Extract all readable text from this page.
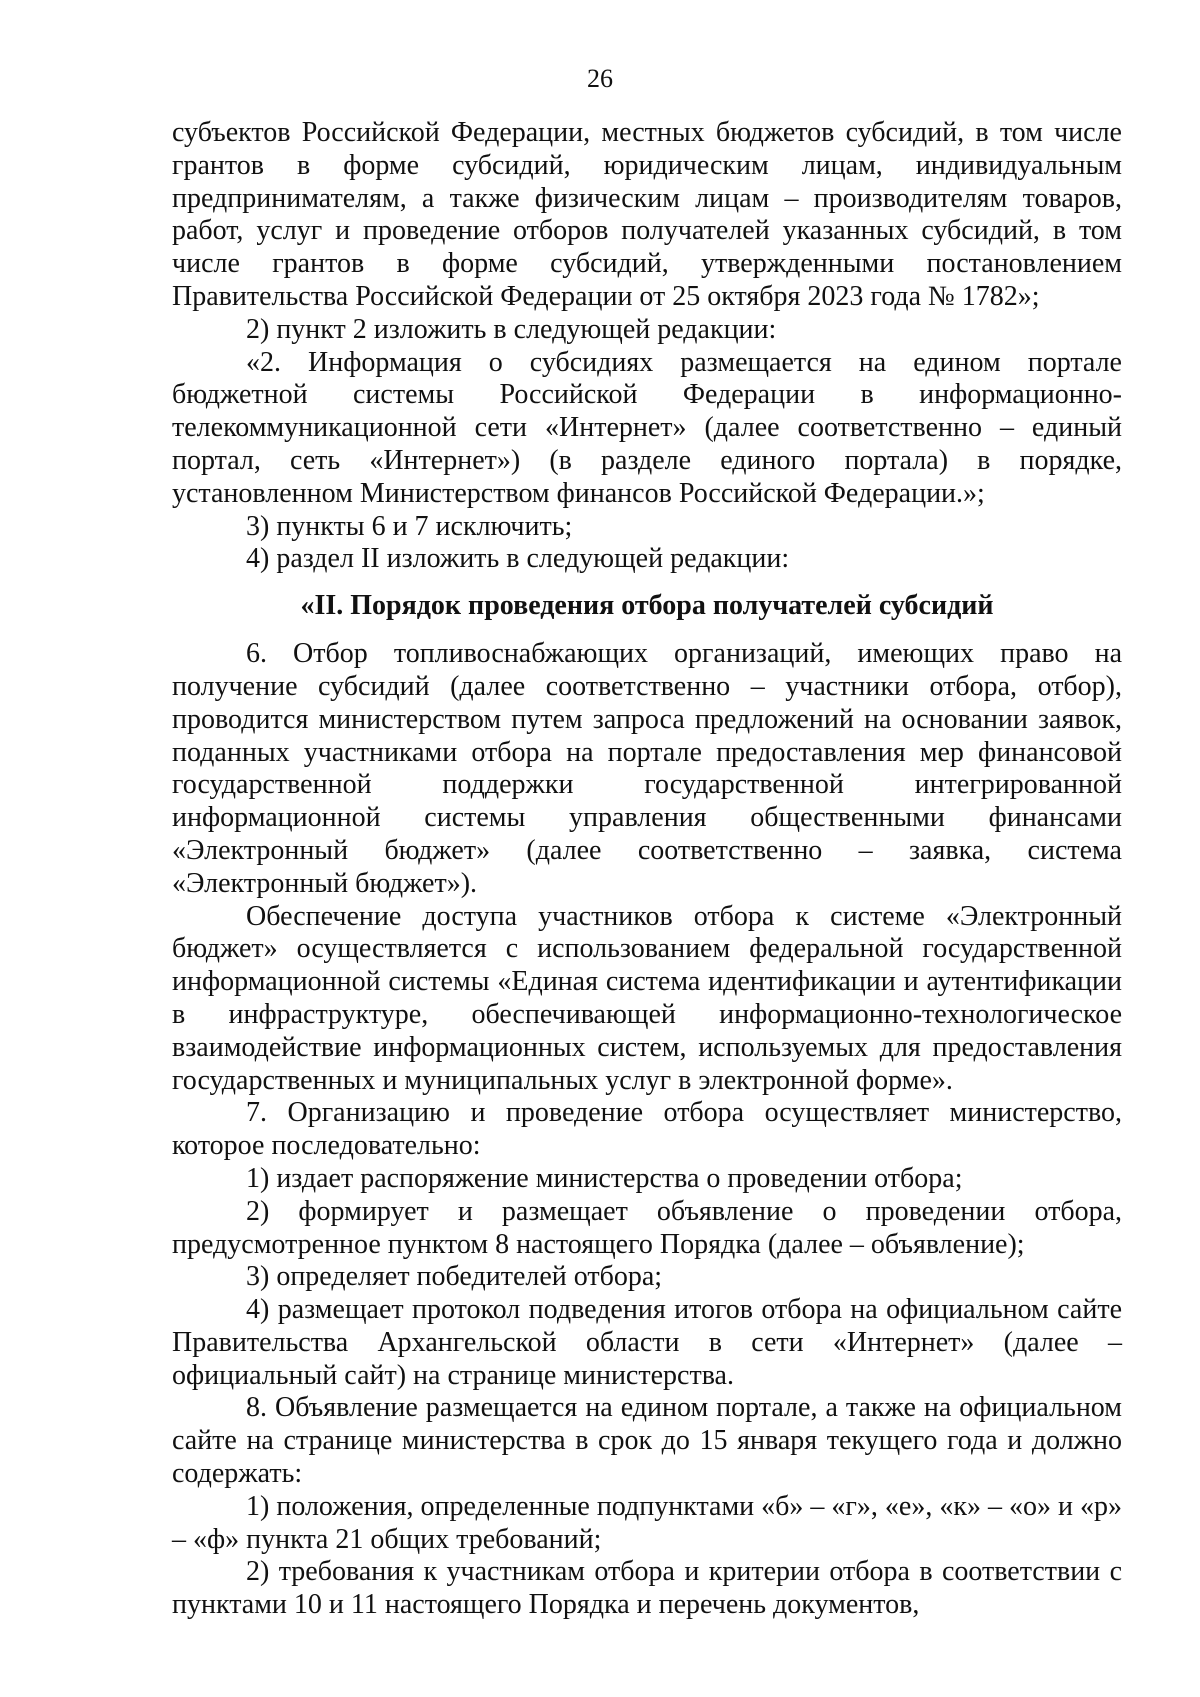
26

субъектов Российской Федерации, местных бюджетов субсидий, в том числе грантов в форме субсидий, юридическим лицам, индивидуальным предпринимателям, а также физическим лицам – производителям товаров, работ, услуг и проведение отборов получателей указанных субсидий, в том числе грантов в форме субсидий, утвержденными постановлением Правительства Российской Федерации от 25 октября 2023 года № 1782»;

2) пункт 2 изложить в следующей редакции:

«2. Информация о субсидиях размещается на едином портале бюджетной системы Российской Федерации в информационно-телекоммуникационной сети «Интернет» (далее соответственно – единый портал, сеть «Интернет») (в разделе единого портала) в порядке, установленном Министерством финансов Российской Федерации.»;

3) пункты 6 и 7 исключить;

4) раздел II изложить в следующей редакции:

«II. Порядок проведения отбора получателей субсидий

6. Отбор топливоснабжающих организаций, имеющих право на получение субсидий (далее соответственно – участники отбора, отбор), проводится министерством путем запроса предложений на основании заявок, поданных участниками отбора на портале предоставления мер финансовой государственной поддержки государственной интегрированной информационной системы управления общественными финансами «Электронный бюджет» (далее соответственно – заявка, система «Электронный бюджет»).

Обеспечение доступа участников отбора к системе «Электронный бюджет» осуществляется с использованием федеральной государственной информационной системы «Единая система идентификации и аутентификации в инфраструктуре, обеспечивающей информационно-технологическое взаимодействие информационных систем, используемых для предоставления государственных и муниципальных услуг в электронной форме».

7. Организацию и проведение отбора осуществляет министерство, которое последовательно:

1) издает распоряжение министерства о проведении отбора;

2) формирует и размещает объявление о проведении отбора, предусмотренное пунктом 8 настоящего Порядка (далее – объявление);

3) определяет победителей отбора;

4) размещает протокол подведения итогов отбора на официальном сайте Правительства Архангельской области в сети «Интернет» (далее – официальный сайт) на странице министерства.

8. Объявление размещается на едином портале, а также на официальном сайте на странице министерства в срок до 15 января текущего года и должно содержать:

1) положения, определенные подпунктами «б» – «г», «е», «к» – «о» и «р» – «ф» пункта 21 общих требований;

2) требования к участникам отбора и критерии отбора в соответствии с пунктами 10 и 11 настоящего Порядка и перечень документов,
